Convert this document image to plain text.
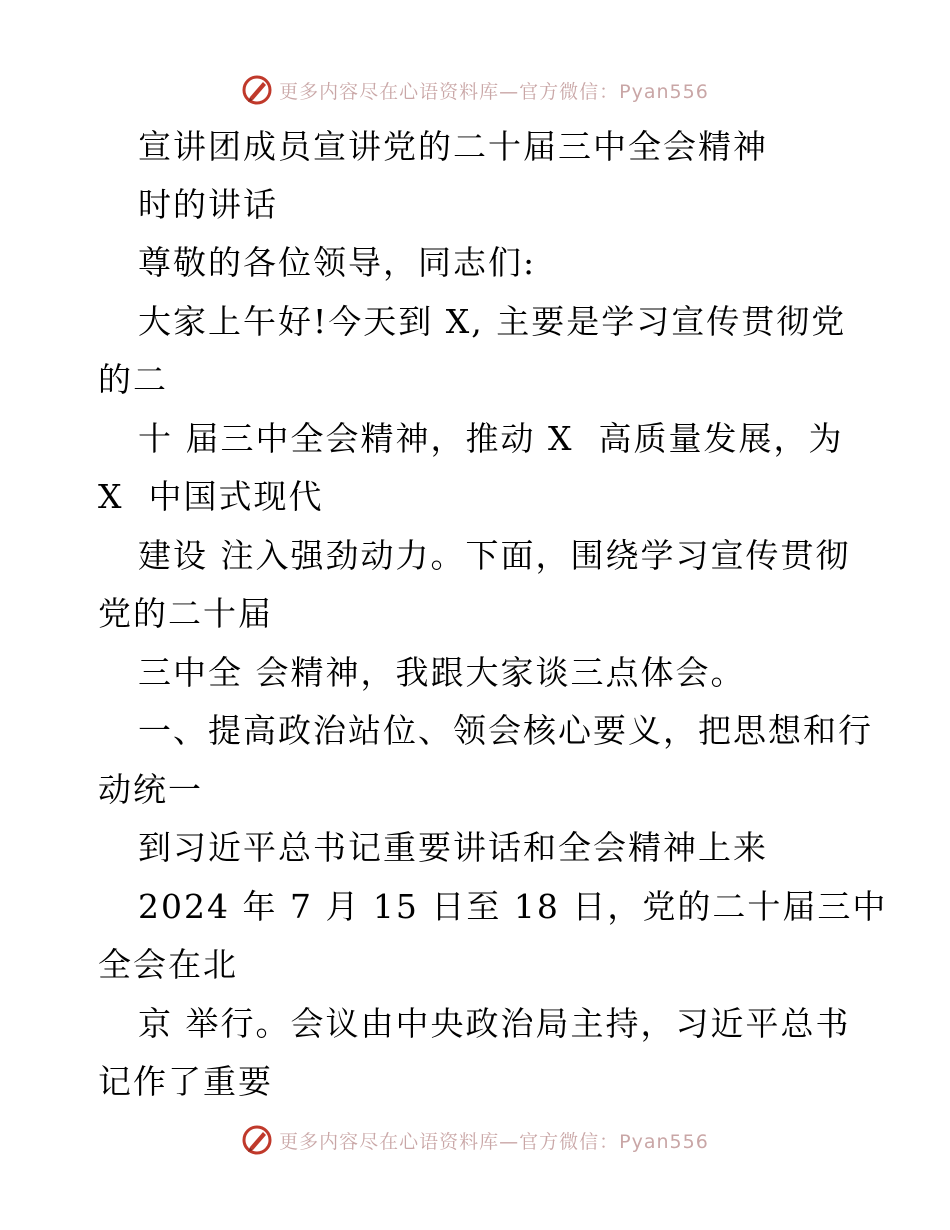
更多内容尽在心语资料库—官方微信：Pyan556
宣讲团成员宣讲党的二十届三中全会精神
时的讲话
尊敬的各位领导，同志们:
大家上午好!今天到 X, 主要是学习宣传贯彻党
的二
十 届三中全会精神，推动 X  高质量发展，为
X  中国式现代
建设 注入强劲动力。下面，围绕学习宣传贯彻
党的二十届
三中全 会精神，我跟大家谈三点体会。
一、提高政治站位、领会核心要义，把思想和行
动统一
到习近平总书记重要讲话和全会精神上来
2024 年 7 月 15 日至 18 日，党的二十届三中
全会在北
京 举行。会议由中央政治局主持，习近平总书
记作了重要
更多内容尽在心语资料库—官方微信：Pyan556
